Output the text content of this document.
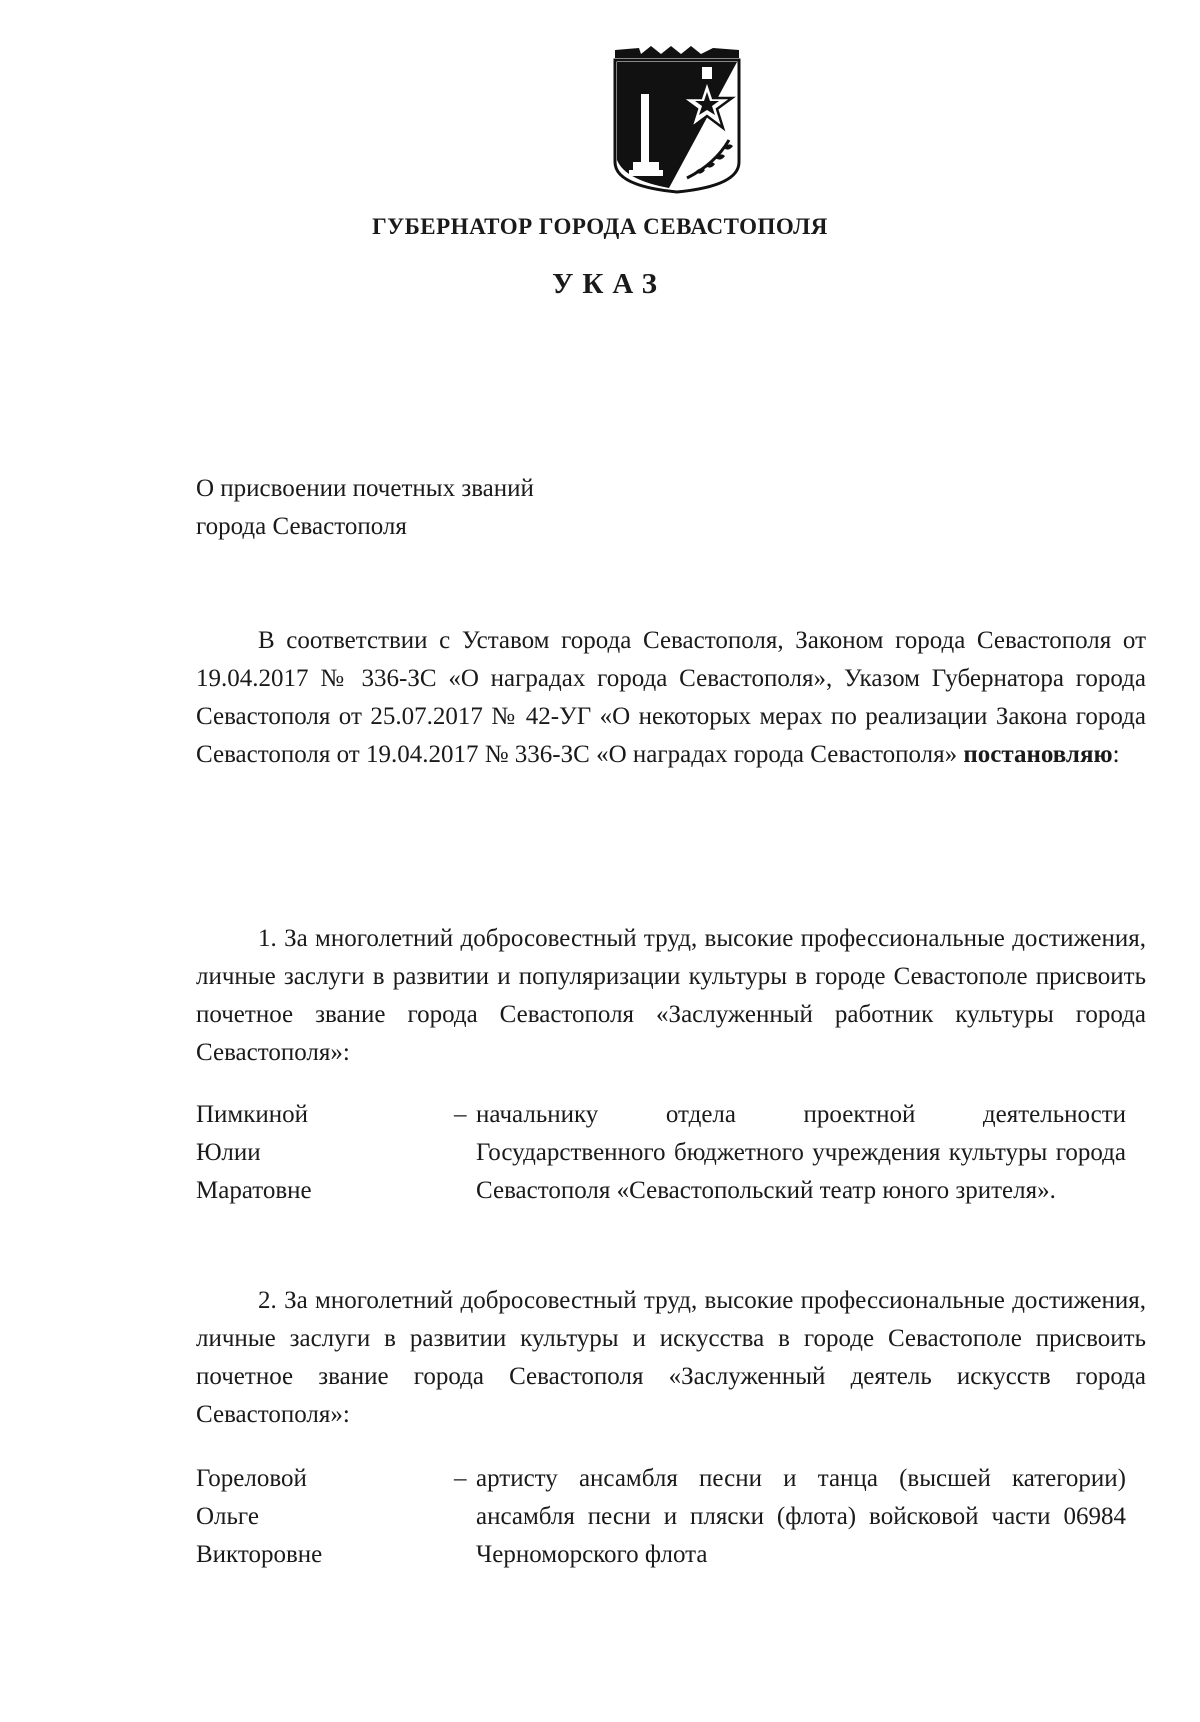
ГУБЕРНАТОР ГОРОДА СЕВАСТОПОЛЯ
УКАЗ
О присвоении почетных званий
города Севастополя
В соответствии с Уставом города Севастополя, Законом города Севастополя от 19.04.2017 № 336-ЗС «О наградах города Севастополя», Указом Губернатора города Севастополя от 25.07.2017 № 42-УГ «О некоторых мерах по реализации Закона города Севастополя от 19.04.2017 № 336-ЗС «О наградах города Севастополя» постановляю:
1. За многолетний добросовестный труд, высокие профессиональные достижения, личные заслуги в развитии и популяризации культуры в городе Севастополе присвоить почетное звание города Севастополя «Заслуженный работник культуры города Севастополя»:
Пимкиной
Юлии
Маратовне
– начальнику отдела проектной деятельности Государственного бюджетного учреждения культуры города Севастополя «Севастопольский театр юного зрителя».
2. За многолетний добросовестный труд, высокие профессиональные достижения, личные заслуги в развитии культуры и искусства в городе Севастополе присвоить почетное звание города Севастополя «Заслуженный деятель искусств города Севастополя»:
Гореловой
Ольге
Викторовне
– артисту ансамбля песни и танца (высшей категории) ансамбля песни и пляски (флота) войсковой части 06984 Черноморского флота
